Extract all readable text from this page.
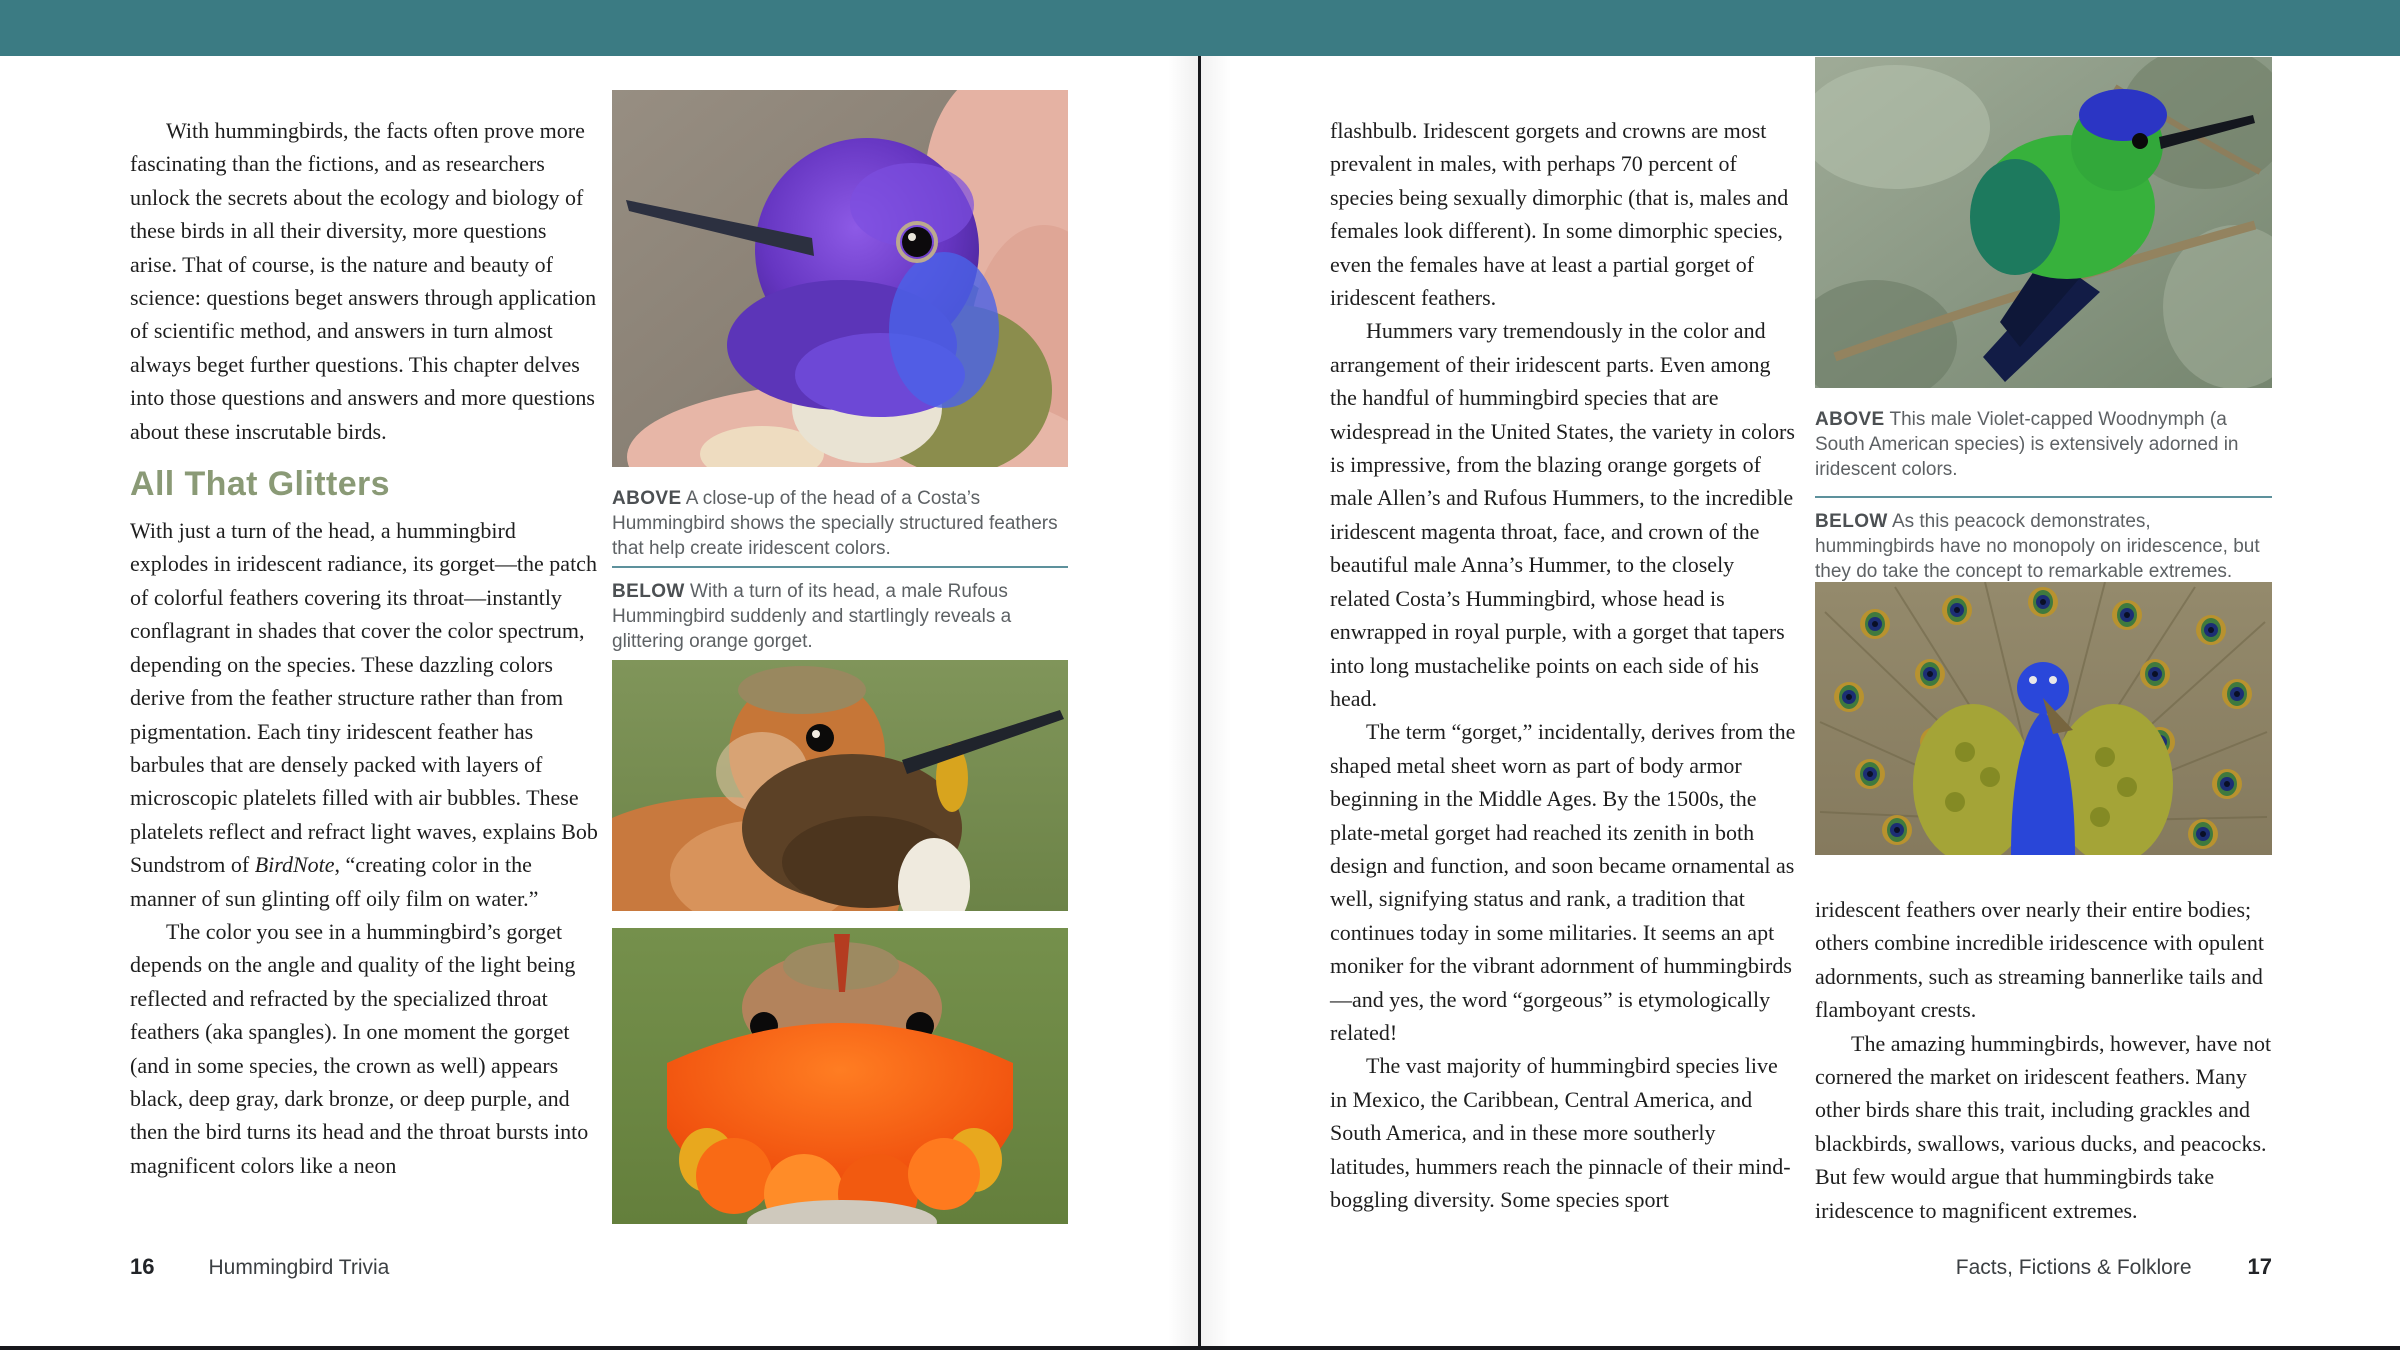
With hummingbirds, the facts often prove more fascinating than the fictions, and as researchers unlock the secrets about the ecology and biology of these birds in all their diversity, more questions arise. That of course, is the nature and beauty of science: questions beget answers through application of scientific method, and answers in turn almost always beget further questions. This chapter delves into those questions and answers and more questions about these inscrutable birds.

All That Glitters

With just a turn of the head, a hummingbird explodes in iridescent radiance, its gorget—the patch of colorful feathers covering its throat—instantly conflagrant in shades that cover the color spectrum, depending on the species. These dazzling colors derive from the feather structure rather than from pigmentation. Each tiny iridescent feather has barbules that are densely packed with layers of microscopic platelets filled with air bubbles. These platelets reflect and refract light waves, explains Bob Sundstrom of BirdNote, “creating color in the manner of sun glinting off oily film on water.”

The color you see in a hummingbird’s gorget depends on the angle and quality of the light being reflected and refracted by the specialized throat feathers (aka spangles). In one moment the gorget (and in some species, the crown as well) appears black, deep gray, dark bronze, or deep purple, and then the bird turns its head and the throat bursts into magnificent colors like a neon

ABOVE A close-up of the head of a Costa’s Hummingbird shows the specially structured feathers that help create iridescent colors.
BELOW With a turn of its head, a male Rufous Hummingbird suddenly and startlingly reveals a glittering orange gorget.
16	Hummingbird Trivia

flashbulb. Iridescent gorgets and crowns are most prevalent in males, with perhaps 70 percent of species being sexually dimorphic (that is, males and females look different). In some dimorphic species, even the females have at least a partial gorget of iridescent feathers.

Hummers vary tremendously in the color and arrangement of their iridescent parts. Even among the handful of hummingbird species that are widespread in the United States, the variety in colors is impressive, from the blazing orange gorgets of male Allen’s and Rufous Hummers, to the incredible iridescent magenta throat, face, and crown of the beautiful male Anna’s Hummer, to the closely related Costa’s Hummingbird, whose head is enwrapped in royal purple, with a gorget that tapers into long mustachelike points on each side of his head.

The term “gorget,” incidentally, derives from the shaped metal sheet worn as part of body armor beginning in the Middle Ages. By the 1500s, the plate-metal gorget had reached its zenith in both design and function, and soon became ornamental as well, signifying status and rank, a tradition that continues today in some militaries. It seems an apt moniker for the vibrant adornment of hummingbirds—and yes, the word “gorgeous” is etymologically related!

The vast majority of hummingbird species live in Mexico, the Caribbean, Central America, and South America, and in these more southerly latitudes, hummers reach the pinnacle of their mind-boggling diversity. Some species sport

ABOVE This male Violet-capped Woodnymph (a South American species) is extensively adorned in iridescent colors.
BELOW As this peacock demonstrates, hummingbirds have no monopoly on iridescence, but they do take the concept to remarkable extremes.

iridescent feathers over nearly their entire bodies; others combine incredible iridescence with opulent adornments, such as streaming bannerlike tails and flamboyant crests.

The amazing hummingbirds, however, have not cornered the market on iridescent feathers. Many other birds share this trait, including grackles and blackbirds, swallows, various ducks, and peacocks. But few would argue that hummingbirds take iridescence to magnificent extremes.

Facts, Fictions & Folklore	17
